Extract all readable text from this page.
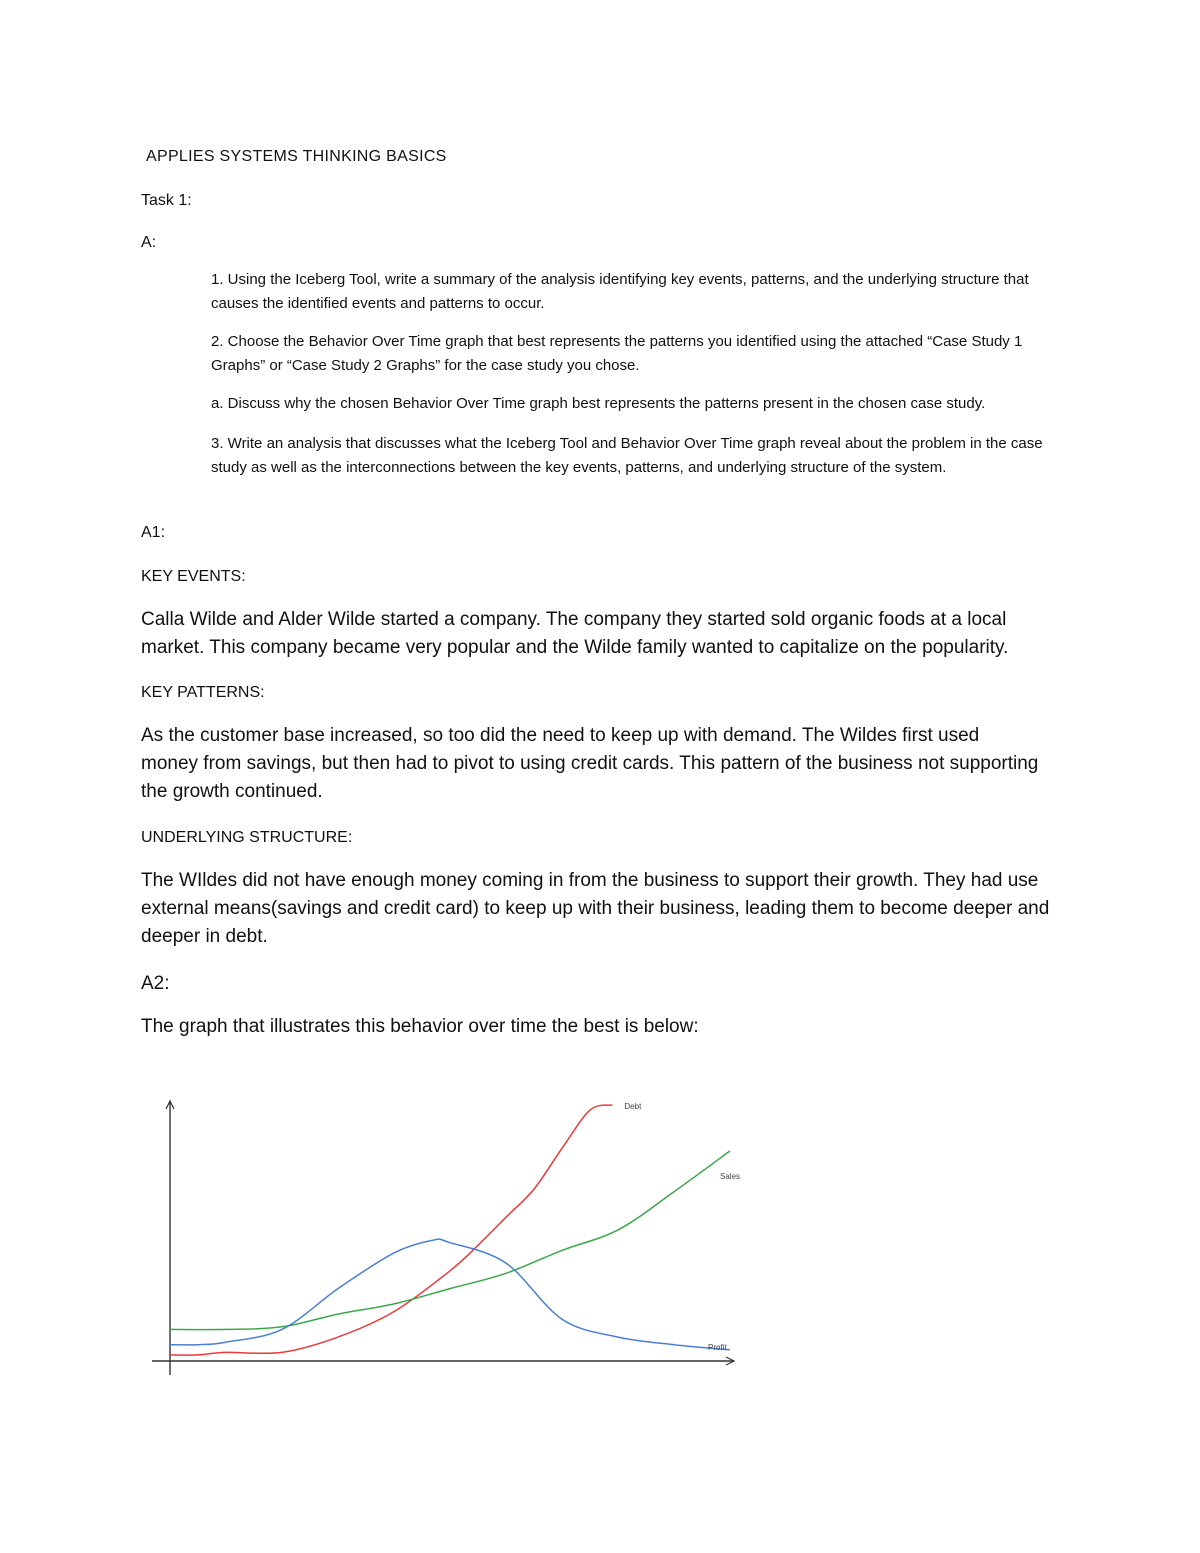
APPLIES SYSTEMS THINKING BASICS
Task 1:
A:
1. Using the Iceberg Tool, write a summary of the analysis identifying key events, patterns, and the underlying structure that causes the identified events and patterns to occur.
2. Choose the Behavior Over Time graph that best represents the patterns you identified using the attached “Case Study 1 Graphs” or “Case Study 2 Graphs” for the case study you chose.
a. Discuss why the chosen Behavior Over Time graph best represents the patterns present in the chosen case study.
3. Write an analysis that discusses what the Iceberg Tool and Behavior Over Time graph reveal about the problem in the case study as well as the interconnections between the key events, patterns, and underlying structure of the system.
A1:
KEY EVENTS:
Calla Wilde and Alder Wilde started a company. The company they started sold organic foods at a local market. This company became very popular and the Wilde family wanted to capitalize on the popularity.
KEY PATTERNS:
As the customer base increased, so too did the need to keep up with demand. The Wildes first used money from savings, but then had to pivot to using credit cards. This pattern of the business not supporting the growth continued.
UNDERLYING STRUCTURE:
The WIldes did not have enough money coming in from the business to support their growth. They had use external means(savings and credit card) to keep up with their business, leading them to become deeper and deeper in debt.
A2:
The graph that illustrates this behavior over time the best is below:
Debt
Sales
Profit
